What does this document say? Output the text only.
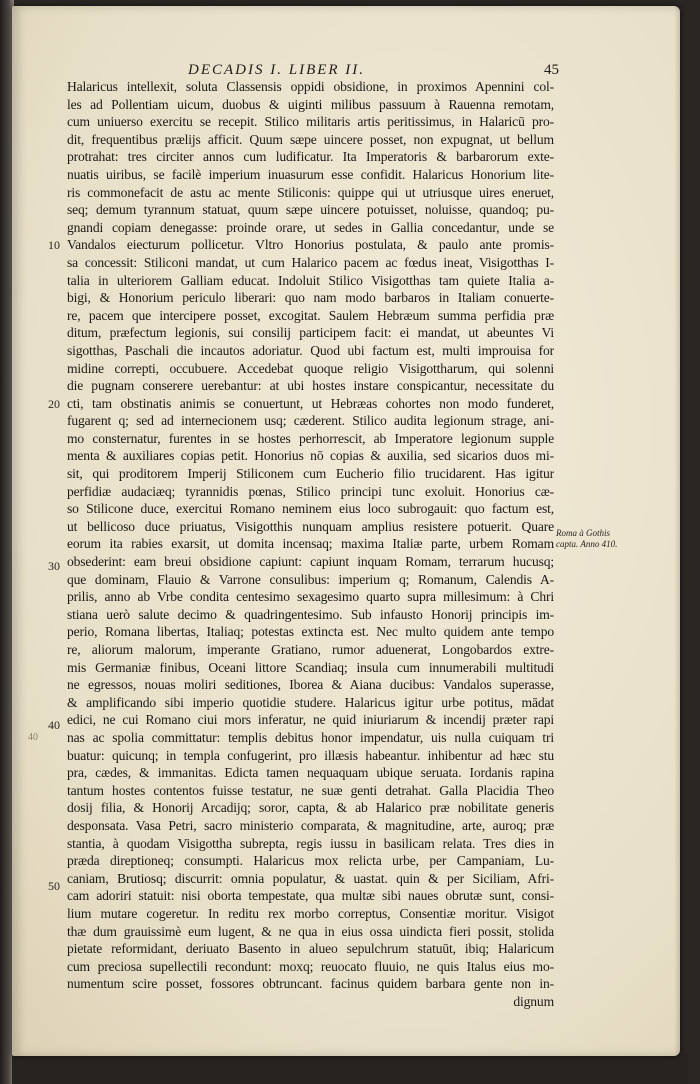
DECADIS I. LIBER II.	45
10
20
30
40
40
50
Roma à Gothis capta. Anno 410.
Halaricus intellexit, soluta Classensis oppidi obsidione, in proximos Apennini col-
les ad Pollentiam uicum, duobus & uiginti milibus passuum à Rauenna remotam,
cum uniuerso exercitu se recepit. Stilico militaris artis peritissimus, in Halaricū pro-
dit, frequentibus prælijs afficit. Quum sæpe uincere posset, non expugnat, ut bellum
protrahat: tres circiter annos cum ludificatur. Ita Imperatoris & barbarorum exte-
nuatis uiribus, se facilè imperium inuasurum esse confidit. Halaricus Honorium lite-
ris commonefacit de astu ac mente Stiliconis: quippe qui ut utriusque uires eneruet,
seq; demum tyrannum statuat, quum sæpe uincere potuisset, noluisse, quandoq; pu-
gnandi copiam denegasse: proinde orare, ut sedes in Gallia concedantur, unde se
Vandalos eiecturum pollicetur. Vltro Honorius postulata, & paulo ante promis-
sa concessit: Stiliconi mandat, ut cum Halarico pacem ac fœdus ineat, Visigotthas I-
talia in ulteriorem Galliam educat. Indoluit Stilico Visigotthas tam quiete Italia a-
bigi, & Honorium periculo liberari: quo nam modo barbaros in Italiam conuerte-
re, pacem que intercipere posset, excogitat. Saulem Hebræum summa perfidia præ
ditum, præfectum legionis, sui consilij participem facit: ei mandat, ut abeuntes Vi
sigotthas, Paschali die incautos adoriatur. Quod ubi factum est, multi improuisa for
midine correpti, occubuere. Accedebat quoque religio Visigottharum, qui solenni
die pugnam conserere uerebantur: at ubi hostes instare conspicantur, necessitate du
cti, tam obstinatis animis se conuertunt, ut Hebræas cohortes non modo funderet,
fugarent q; sed ad internecionem usq; cæderent. Stilico audita legionum strage, ani-
mo consternatur, furentes in se hostes perhorrescit, ab Imperatore legionum supple
menta & auxiliares copias petit. Honorius nō copias & auxilia, sed sicarios duos mi-
sit, qui proditorem Imperij Stiliconem cum Eucherio filio trucidarent. Has igitur
perfidiæ audaciæq; tyrannidis pœnas, Stilico principi tunc exoluit. Honorius cæ-
so Stilicone duce, exercitui Romano neminem eius loco subrogauit: quo factum est,
ut bellicoso duce priuatus, Visigotthis nunquam amplius resistere potuerit. Quare
eorum ita rabies exarsit, ut domita incensaq; maxima Italiæ parte, urbem Romam
obsederint: eam breui obsidione capiunt: capiunt inquam Romam, terrarum hucusq;
que dominam, Flauio & Varrone consulibus: imperium q; Romanum, Calendis A-
prilis, anno ab Vrbe condita centesimo sexagesimo quarto supra millesimum: à Chri
stiana uerò salute decimo & quadringentesimo. Sub infausto Honorij principis im-
perio, Romana libertas, Italiaq; potestas extincta est. Nec multo quidem ante tempo
re, aliorum malorum, imperante Gratiano, rumor aduenerat, Longobardos extre-
mis Germaniæ finibus, Oceani littore Scandiaq; insula cum innumerabili multitudi
ne egressos, nouas moliri seditiones, Iborea & Aiana ducibus: Vandalos superasse,
& amplificando sibi imperio quotidie studere. Halaricus igitur urbe potitus, mādat
edici, ne cui Romano ciui mors inferatur, ne quid iniuriarum & incendij præter rapi
nas ac spolia committatur: templis debitus honor impendatur, uis nulla cuiquam tri
buatur: quicunq; in templa confugerint, pro illæsis habeantur. inhibentur ad hæc stu
pra, cædes, & immanitas. Edicta tamen nequaquam ubique seruata. Iordanis rapina
tantum hostes contentos fuisse testatur, ne suæ genti detrahat. Galla Placidia Theo
dosij filia, & Honorij Arcadijq; soror, capta, & ab Halarico præ nobilitate generis
desponsata. Vasa Petri, sacro ministerio comparata, & magnitudine, arte, auroq; præ
stantia, à quodam Visigottha subrepta, regis iussu in basilicam relata. Tres dies in
præda direptioneq; consumpti. Halaricus mox relicta urbe, per Campaniam, Lu-
caniam, Brutiosq; discurrit: omnia populatur, & uastat. quin & per Siciliam, Afri-
cam adoriri statuit: nisi oborta tempestate, qua multæ sibi naues obrutæ sunt, consi-
lium mutare cogeretur. In reditu rex morbo correptus, Consentiæ moritur. Visigot
thæ dum grauissimè eum lugent, & ne qua in eius ossa uindicta fieri possit, stolida
pietate reformidant, deriuato Basento in alueo sepulchrum statuūt, ibiq; Halaricum
cum preciosa supellectili recondunt: moxq; reuocato fluuio, ne quis Italus eius mo-
numentum scire posset, fossores obtruncant. facinus quidem barbara gente non in-
dignum
